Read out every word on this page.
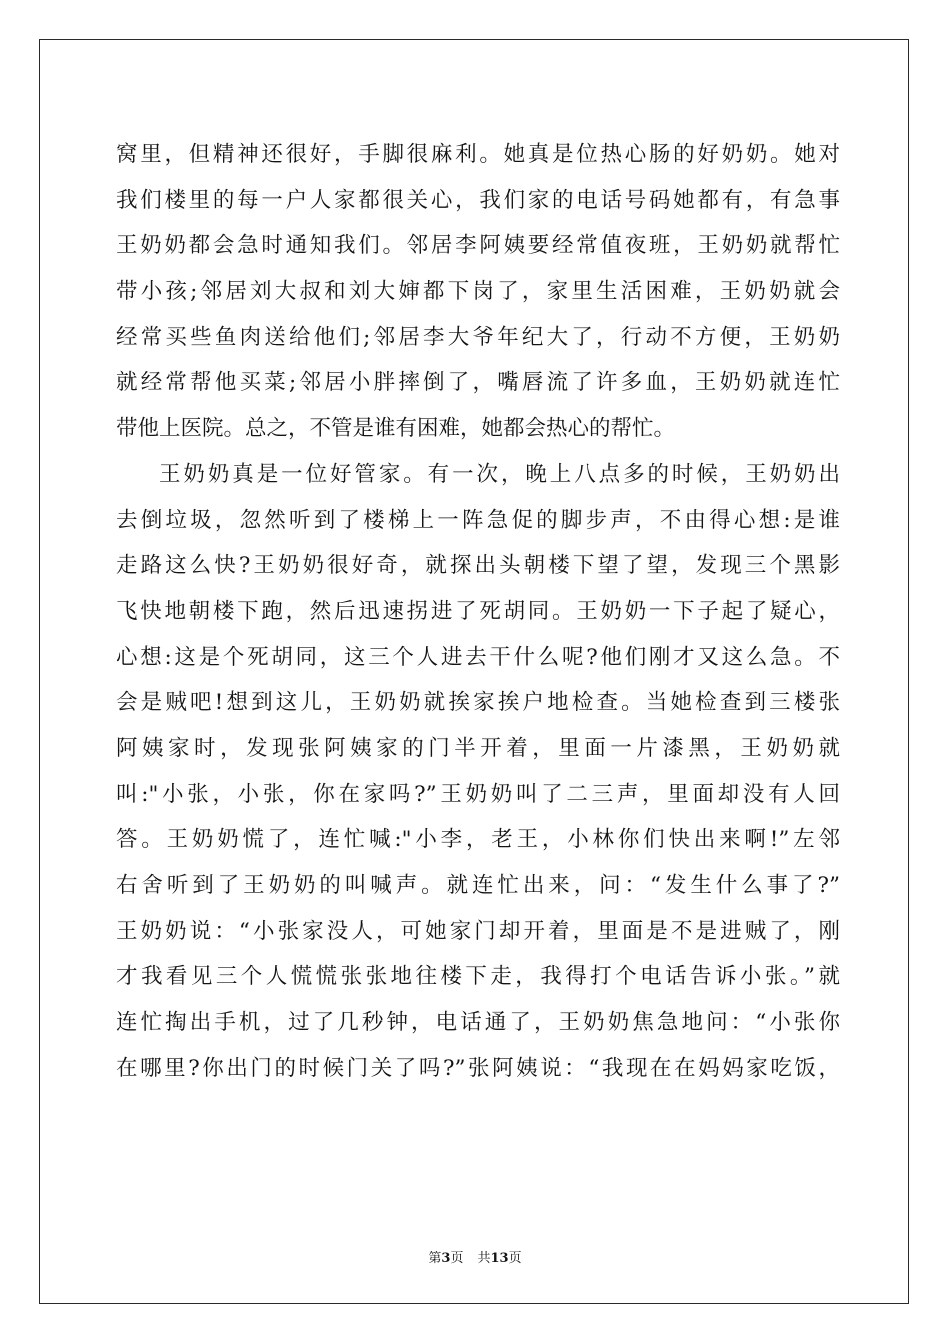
窝里，但精神还很好，手脚很麻利。她真是位热心肠的好奶奶。她对
我们楼里的每一户人家都很关心，我们家的电话号码她都有，有急事
王奶奶都会急时通知我们。邻居李阿姨要经常值夜班，王奶奶就帮忙
带小孩;邻居刘大叔和刘大婶都下岗了，家里生活困难，王奶奶就会
经常买些鱼肉送给他们;邻居李大爷年纪大了，行动不方便，王奶奶
就经常帮他买菜;邻居小胖摔倒了，嘴唇流了许多血，王奶奶就连忙
带他上医院。总之，不管是谁有困难，她都会热心的帮忙。
王奶奶真是一位好管家。有一次，晚上八点多的时候，王奶奶出
去倒垃圾，忽然听到了楼梯上一阵急促的脚步声，不由得心想:是谁
走路这么快?王奶奶很好奇，就探出头朝楼下望了望，发现三个黑影
飞快地朝楼下跑，然后迅速拐进了死胡同。王奶奶一下子起了疑心，
心想:这是个死胡同，这三个人进去干什么呢?他们刚才又这么急。不
会是贼吧!想到这儿，王奶奶就挨家挨户地检查。当她检查到三楼张
阿姨家时，发现张阿姨家的门半开着，里面一片漆黑，王奶奶就
叫:"小张，小张，你在家吗?”王奶奶叫了二三声，里面却没有人回
答。王奶奶慌了，连忙喊:"小李，老王，小林你们快出来啊!”左邻
右舍听到了王奶奶的叫喊声。就连忙出来，问：“发生什么事了?”
王奶奶说：“小张家没人，可她家门却开着，里面是不是进贼了，刚
才我看见三个人慌慌张张地往楼下走，我得打个电话告诉小张。”就
连忙掏出手机，过了几秒钟，电话通了，王奶奶焦急地问：“小张你
在哪里?你出门的时候门关了吗?”张阿姨说：“我现在在妈妈家吃饭，
第3页 共13页
